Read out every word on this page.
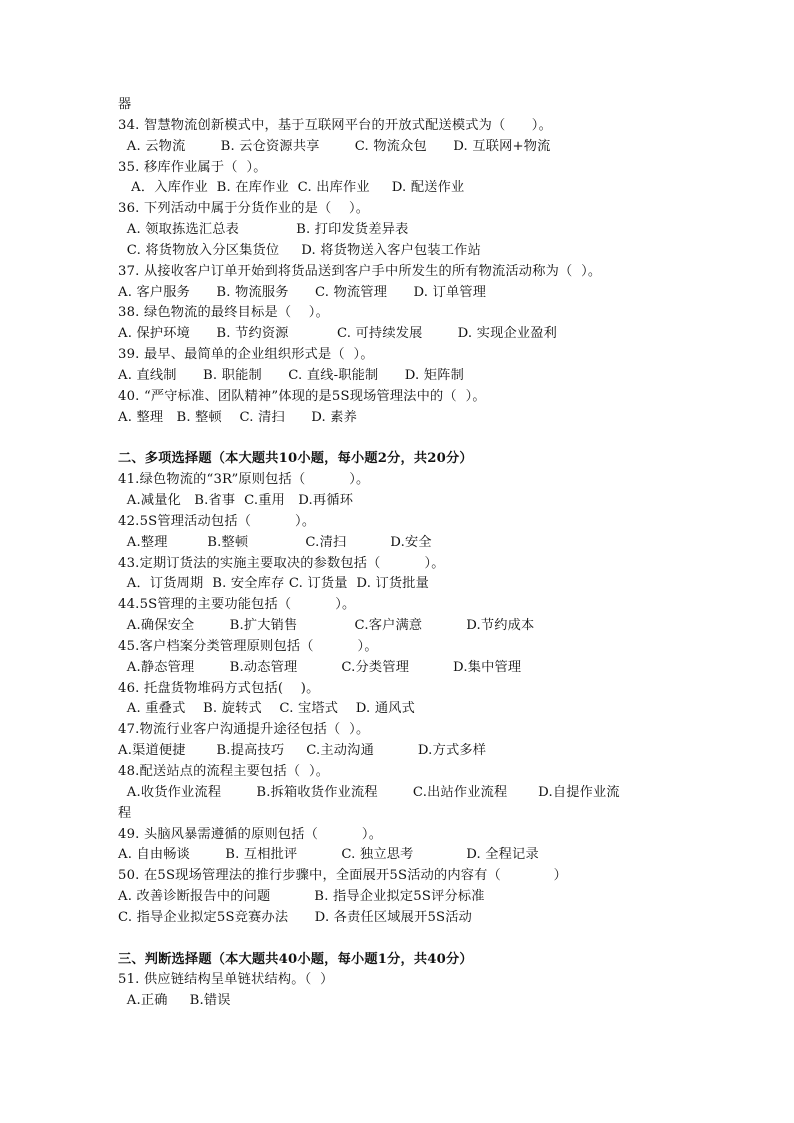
器
34. 智慧物流创新模式中，基于互联网平台的开放式配送模式为（      ）。
A. 云物流        B. 云仓资源共享        C. 物流众包      D. 互联网+物流
35. 移库作业属于（  ）。
A．入库作业  B. 在库作业  C. 出库作业     D. 配送作业
36. 下列活动中属于分货作业的是（    ）。
A. 领取拣选汇总表             B. 打印发货差异表
C. 将货物放入分区集货位     D. 将货物送入客户包装工作站
37. 从接收客户订单开始到将货品送到客户手中所发生的所有物流活动称为（  ）。
A. 客户服务      B. 物流服务      C. 物流管理      D. 订单管理
38. 绿色物流的最终目标是（    ）。
A. 保护环境      B. 节约资源           C. 可持续发展        D. 实现企业盈利
39. 最早、最简单的企业组织形式是（  ）。
A. 直线制      B. 职能制      C. 直线-职能制      D. 矩阵制
40. “严守标准、团队精神”体现的是5S现场管理法中的（  ）。
A. 整理   B. 整顿    C. 清扫      D. 素养
二、多项选择题（本大题共10小题，每小题2分，共20分）
41.绿色物流的“3R”原则包括（          ）。
A.减量化   B.省事  C.重用   D.再循环
42.5S管理活动包括（          ）。
A.整理         B.整顿             C.清扫          D.安全
43.定期订货法的实施主要取决的参数包括（          ）。
A．订货周期  B. 安全库存 C. 订货量  D. 订货批量
44.5S管理的主要功能包括（          ）。
A.确保安全        B.扩大销售             C.客户满意          D.节约成本
45.客户档案分类管理原则包括（          ）。
A.静态管理        B.动态管理          C.分类管理          D.集中管理
46. 托盘货物堆码方式包括(    )。
A. 重叠式    B. 旋转式    C. 宝塔式    D. 通风式
47.物流行业客户沟通提升途径包括（  ）。
A.渠道便捷       B.提高技巧     C.主动沟通          D.方式多样
48.配送站点的流程主要包括（  ）。
A.收货作业流程        B.拆箱收货作业流程        C.出站作业流程       D.自提作业流
程
49. 头脑风暴需遵循的原则包括（          ）。
A. 自由畅谈        B. 互相批评          C. 独立思考            D. 全程记录
50. 在5S现场管理法的推行步骤中，全面展开5S活动的内容有（            ）
A. 改善诊断报告中的问题          B. 指导企业拟定5S评分标准
C. 指导企业拟定5S竞赛办法      D. 各责任区域展开5S活动
三、判断选择题（本大题共40小题，每小题1分，共40分）
51. 供应链结构呈单链状结构。（  ）
A.正确     B.错误
